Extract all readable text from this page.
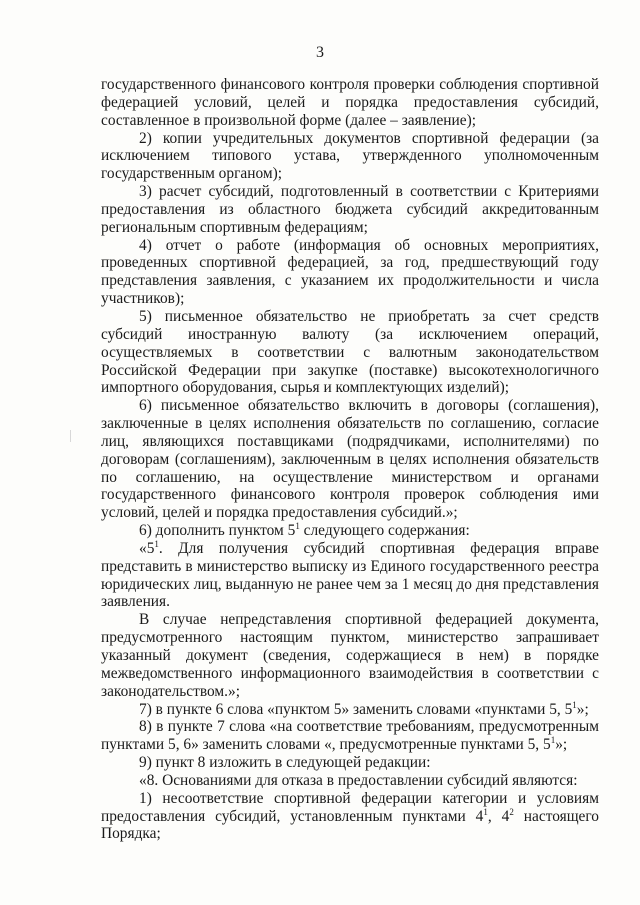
3

государственного финансового контроля проверки соблюдения спортивной федерацией условий, целей и порядка предоставления субсидий, составленное в произвольной форме (далее – заявление);

2) копии учредительных документов спортивной федерации (за исключением типового устава, утвержденного уполномоченным государственным органом);

3) расчет субсидий, подготовленный в соответствии с Критериями предоставления из областного бюджета субсидий аккредитованным региональным спортивным федерациям;

4) отчет о работе (информация об основных мероприятиях, проведенных спортивной федерацией, за год, предшествующий году представления заявления, с указанием их продолжительности и числа участников);

5) письменное обязательство не приобретать за счет средств субсидий иностранную валюту (за исключением операций, осуществляемых в соответствии с валютным законодательством Российской Федерации при закупке (поставке) высокотехнологичного импортного оборудования, сырья и комплектующих изделий);

6) письменное обязательство включить в договоры (соглашения), заключенные в целях исполнения обязательств по соглашению, согласие лиц, являющихся поставщиками (подрядчиками, исполнителями) по договорам (соглашениям), заключенным в целях исполнения обязательств по соглашению, на осуществление министерством и органами государственного финансового контроля проверок соблюдения ими условий, целей и порядка предоставления субсидий.»;

6) дополнить пунктом $5^1$ следующего содержания:

«$5^1$. Для получения субсидий спортивная федерация вправе представить в министерство выписку из Единого государственного реестра юридических лиц, выданную не ранее чем за 1 месяц до дня представления заявления.

В случае непредставления спортивной федерацией документа, предусмотренного настоящим пунктом, министерство запрашивает указанный документ (сведения, содержащиеся в нем) в порядке межведомственного информационного взаимодействия в соответствии с законодательством.»;

7) в пункте 6 слова «пунктом 5» заменить словами «пунктами 5, $5^1$»;

8) в пункте 7 слова «на соответствие требованиям, предусмотренным пунктами 5, 6» заменить словами «, предусмотренные пунктами 5, $5^1$»;

9) пункт 8 изложить в следующей редакции:

«8. Основаниями для отказа в предоставлении субсидий являются:

1) несоответствие спортивной федерации категории и условиям предоставления субсидий, установленным пунктами $4^1$, $4^2$ настоящего Порядка;
